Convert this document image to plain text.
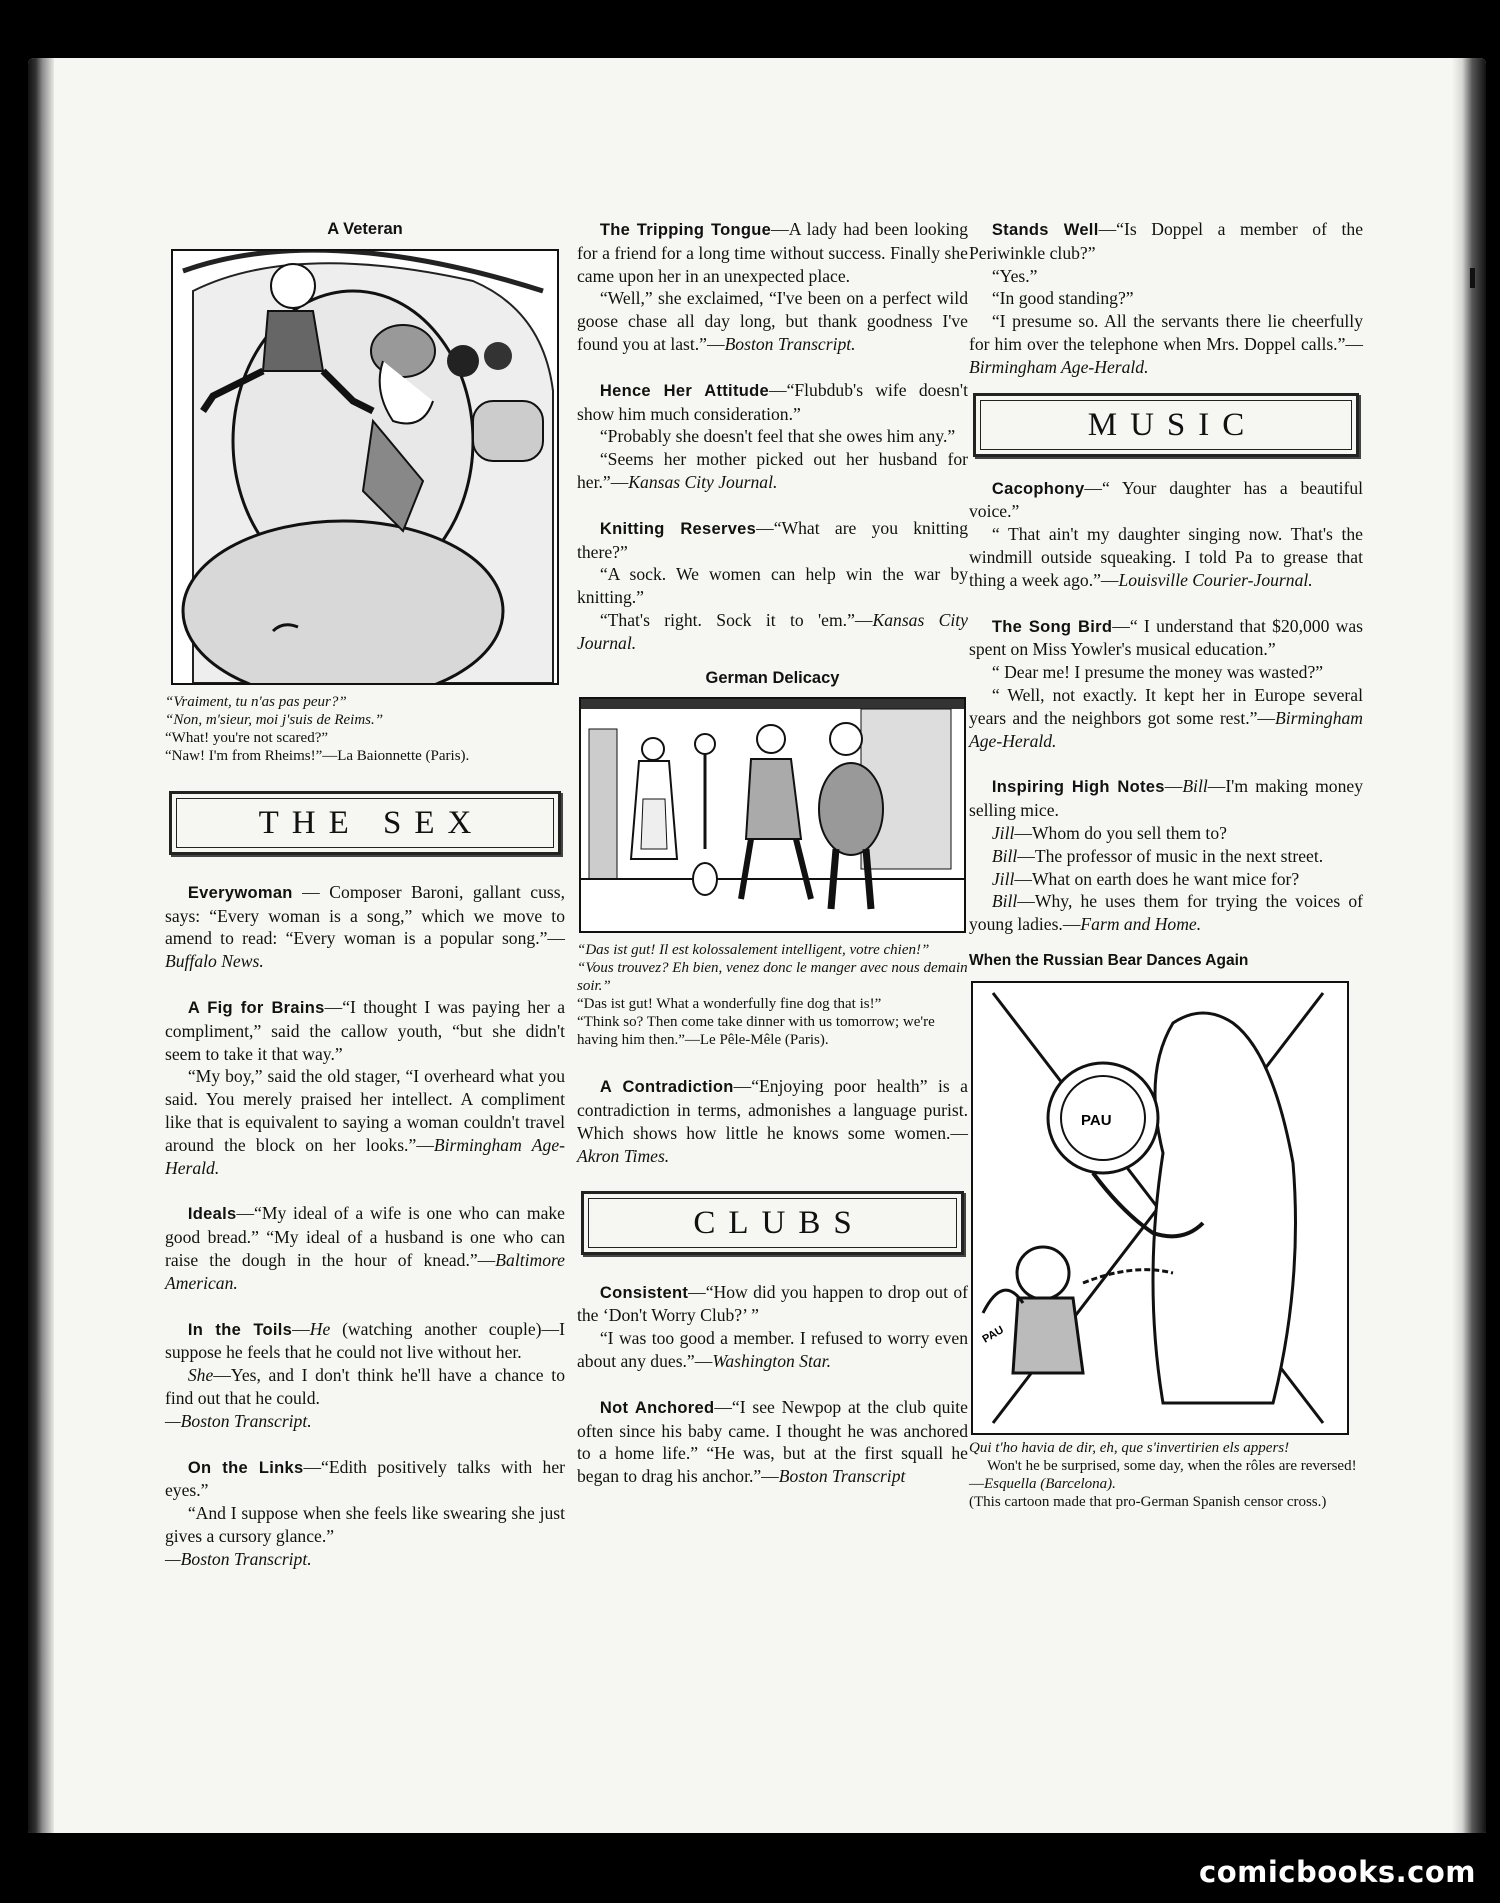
A Veteran

“Vraiment, tu n'as pas peur?”

“Non, m'sieur, moi j'suis de Reims.”

“What! you're not scared?”

“Naw! I'm from Rheims!”—La Baionnette (Paris).

THE SEX

Everywoman — Composer Baroni, gallant cuss, says: “Every woman is a song,” which we move to amend to read: “Every woman is a popular song.”—Buffalo News.

A Fig for Brains—“I thought I was paying her a compliment,” said the callow youth, “but she didn't seem to take it that way.”

“My boy,” said the old stager, “I overheard what you said. You merely praised her intellect. A compliment like that is equivalent to saying a woman couldn't travel around the block on her looks.”—Birmingham Age-Herald.

Ideals—“My ideal of a wife is one who can make good bread.” “My ideal of a husband is one who can raise the dough in the hour of knead.”—Baltimore American.

In the Toils—He (watching another couple)—I suppose he feels that he could not live without her.

She—Yes, and I don't think he'll have a chance to find out that he could.

—Boston Transcript.

On the Links—“Edith positively talks with her eyes.”

“And I suppose when she feels like swearing she just gives a cursory glance.”

—Boston Transcript.

The Tripping Tongue—A lady had been looking for a friend for a long time without success. Finally she came upon her in an unexpected place.

“Well,” she exclaimed, “I've been on a perfect wild goose chase all day long, but thank goodness I've found you at last.”—Boston Transcript.

Hence Her Attitude—“Flubdub's wife doesn't show him much consideration.”

“Probably she doesn't feel that she owes him any.”

“Seems her mother picked out her husband for her.”—Kansas City Journal.

Knitting Reserves—“What are you knitting there?”

“A sock. We women can help win the war by knitting.”

“That's right. Sock it to 'em.”—Kansas City Journal.

German Delicacy

“Das ist gut! Il est kolossalement intelligent, votre chien!”

“Vous trouvez? Eh bien, venez donc le manger avec nous demain soir.”

“Das ist gut! What a wonderfully fine dog that is!”

“Think so? Then come take dinner with us tomorrow; we're having him then.”—Le Pêle-Mêle (Paris).

A Contradiction—“Enjoying poor health” is a contradiction in terms, admonishes a language purist. Which shows how little he knows some women.—Akron Times.

CLUBS

Consistent—“How did you happen to drop out of the ‘Don't Worry Club?’ ”

“I was too good a member. I refused to worry even about any dues.”—Washington Star.

Not Anchored—“I see Newpop at the club quite often since his baby came. I thought he was anchored to a home life.” “He was, but at the first squall he began to drag his anchor.”—Boston Transcript

Stands Well—“Is Doppel a member of the Periwinkle club?”

“Yes.”

“In good standing?”

“I presume so. All the servants there lie cheerfully for him over the telephone when Mrs. Doppel calls.”—Birmingham Age-Herald.

MUSIC

Cacophony—“ Your daughter has a beautiful voice.”

“ That ain't my daughter singing now. That's the windmill outside squeaking. I told Pa to grease that thing a week ago.”—Louisville Courier-Journal.

The Song Bird—“ I understand that $20,000 was spent on Miss Yowler's musical education.”

“ Dear me! I presume the money was wasted?”

“ Well, not exactly. It kept her in Europe several years and the neighbors got some rest.”—Birmingham Age-Herald.

Inspiring High Notes—Bill—I'm making money selling mice.

Jill—Whom do you sell them to?

Bill—The professor of music in the next street.

Jill—What on earth does he want mice for?

Bill—Why, he uses them for trying the voices of young ladies.—Farm and Home.

When the Russian Bear Dances Again
PAU
PAU

Qui t'ho havia de dir, eh, que s'invertirien els appers!

Won't he be surprised, some day, when the rôles are reversed!—Esquella (Barcelona).

(This cartoon made that pro-German Spanish censor cross.)

comicbooks.com
